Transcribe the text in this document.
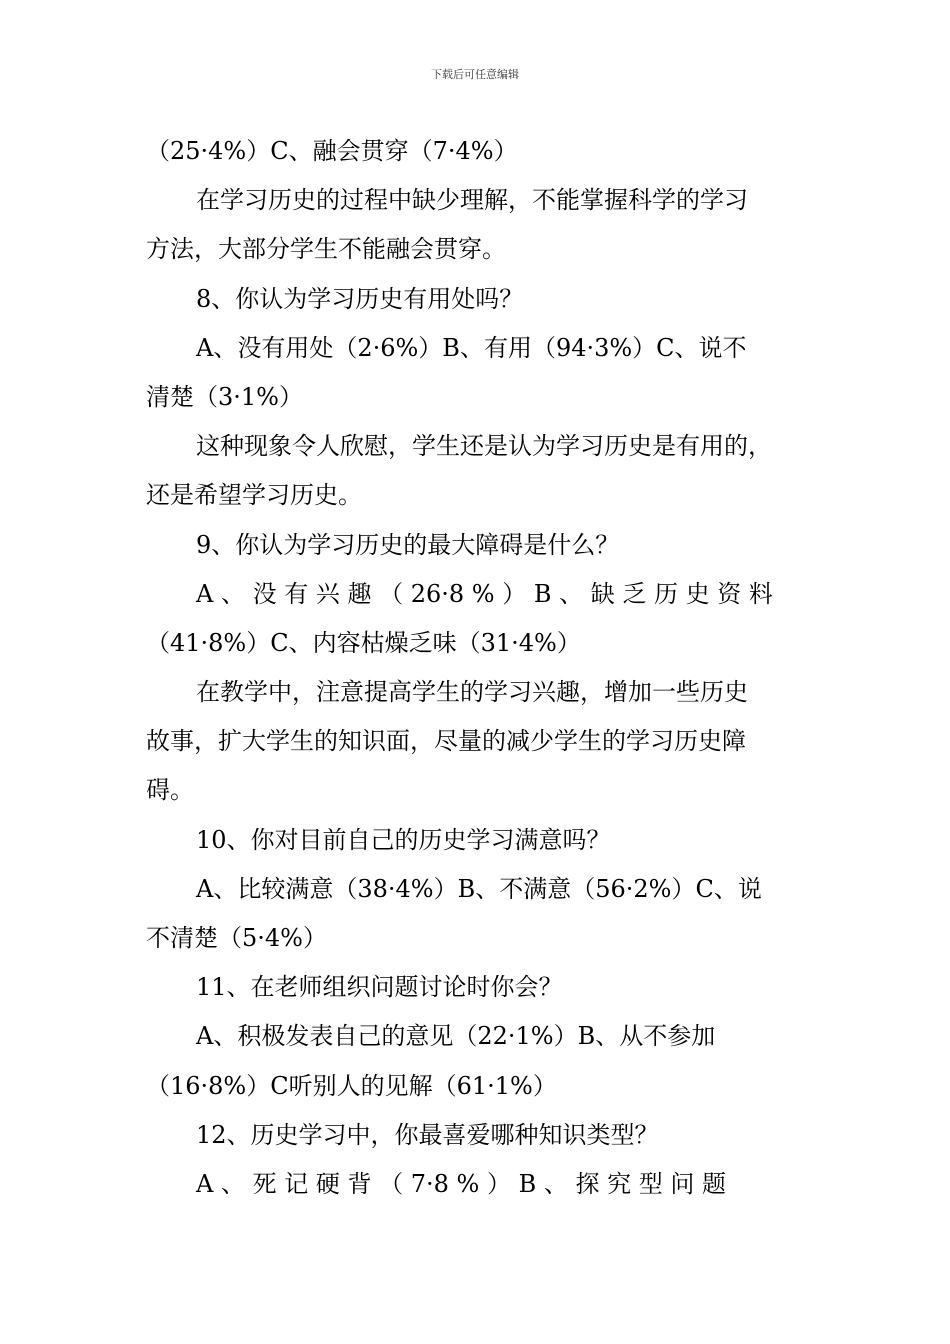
下载后可任意编辑
（25·4%）C、融会贯穿（7·4%）
在学习历史的过程中缺少理解，不能掌握科学的学习
方法，大部分学生不能融会贯穿。
8、你认为学习历史有用处吗？
A、没有用处（2·6%）B、有用（94·3%）C、说不
清楚（3·1%）
这种现象令人欣慰，学生还是认为学习历史是有用的，
还是希望学习历史。
9、你认为学习历史的最大障碍是什么？
A 、 没 有 兴 趣 （ 26·8 % ） B 、 缺 乏 历 史 资 料
（41·8%）C、内容枯燥乏味（31·4%）
在教学中，注意提高学生的学习兴趣，增加一些历史
故事，扩大学生的知识面，尽量的减少学生的学习历史障
碍。
10、你对目前自己的历史学习满意吗？
A、比较满意（38·4%）B、不满意（56·2%）C、说
不清楚（5·4%）
11、在老师组织问题讨论时你会？
A、积极发表自己的意见（22·1%）B、从不参加
（16·8%）C听别人的见解（61·1%）
12、历史学习中，你最喜爱哪种知识类型？
A 、 死 记 硬 背 （ 7·8 % ） B 、 探 究 型 问 题
